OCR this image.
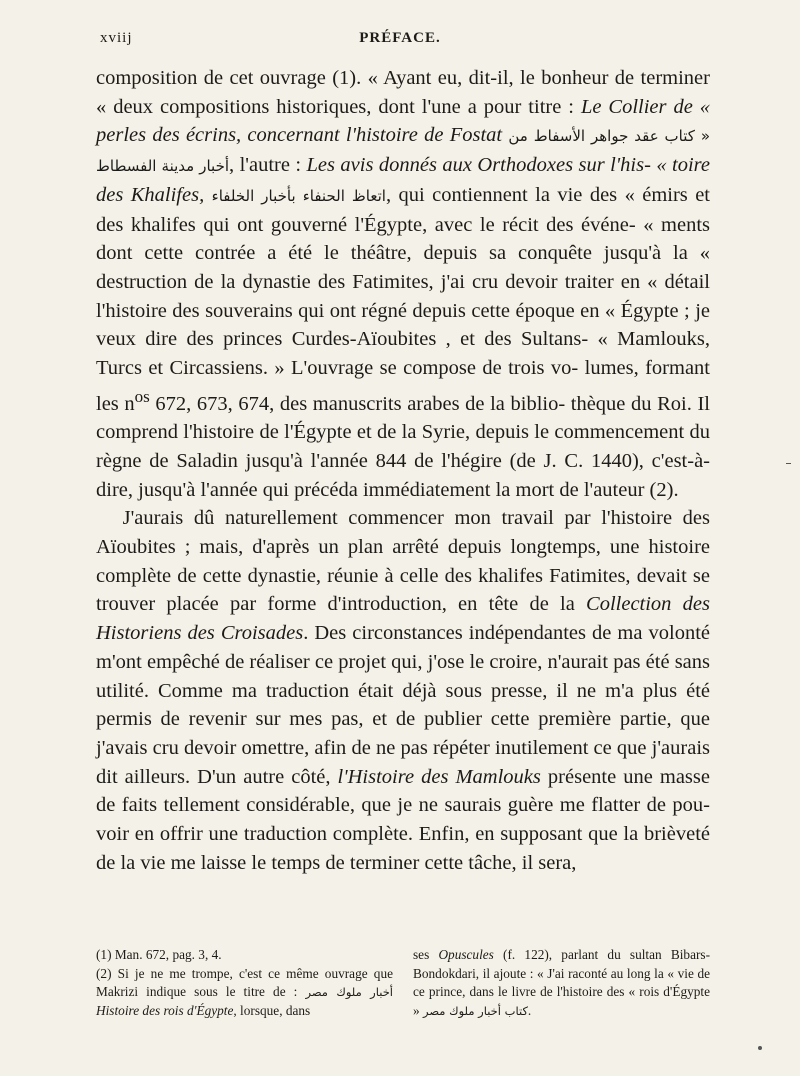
xviij	PRÉFACE.

composition de cet ouvrage (1). « Ayant eu, dit-il, le bonheur de terminer « deux compositions historiques, dont l'une a pour titre : Le Collier de « perles des écrins, concernant l'histoire de Fostat « كتاب عقد جواهر الأسفاط من أخبار مدينة الفسطاط, l'autre : Les avis donnés aux Orthodoxes sur l'his- « toire des Khalifes, اتعاظ الحنفاء بأخبار الخلفاء, qui contiennent la vie des « émirs et des khalifes qui ont gouverné l'Égypte, avec le récit des événe- « ments dont cette contrée a été le théâtre, depuis sa conquête jusqu'à la « destruction de la dynastie des Fatimites, j'ai cru devoir traiter en « détail l'histoire des souverains qui ont régné depuis cette époque en « Égypte ; je veux dire des princes Curdes-Aïoubites , et des Sultans- « Mamlouks, Turcs et Circassiens. » L'ouvrage se compose de trois vo- lumes, formant les $n^{os}$ 672, 673, 674, des manuscrits arabes de la biblio- thèque du Roi. Il comprend l'histoire de l'Égypte et de la Syrie, depuis le commencement du règne de Saladin jusqu'à l'année 844 de l'hégire (de J. C. 1440), c'est-à-dire, jusqu'à l'année qui précéda immédiatement la mort de l'auteur (2).

J'aurais dû naturellement commencer mon travail par l'histoire des Aïoubites ; mais, d'après un plan arrêté depuis longtemps, une histoire complète de cette dynastie, réunie à celle des khalifes Fatimites, devait se trouver placée par forme d'introduction, en tête de la Collection des Historiens des Croisades. Des circonstances indépendantes de ma volonté m'ont empêché de réaliser ce projet qui, j'ose le croire, n'aurait pas été sans utilité. Comme ma traduction était déjà sous presse, il ne m'a plus été permis de revenir sur mes pas, et de publier cette première partie, que j'avais cru devoir omettre, afin de ne pas répéter inutilement ce que j'aurais dit ailleurs. D'un autre côté, l'Histoire des Mamlouks présente une masse de faits tellement considérable, que je ne saurais guère me flatter de pou- voir en offrir une traduction complète. Enfin, en supposant que la brièveté de la vie me laisse le temps de terminer cette tâche, il sera,

(1) Man. 672, pag. 3, 4.

(2) Si je ne me trompe, c'est ce même ouvrage que Makrizi indique sous le titre de : أخبار ملوك مصر Histoire des rois d'Égypte, lorsque, dans

ses Opuscules (f. 122), parlant du sultan Bibars-Bondokdari, il ajoute : « J'ai raconté au long la « vie de ce prince, dans le livre de l'histoire des « rois d'Égypte » كتاب أخبار ملوك مصر.
